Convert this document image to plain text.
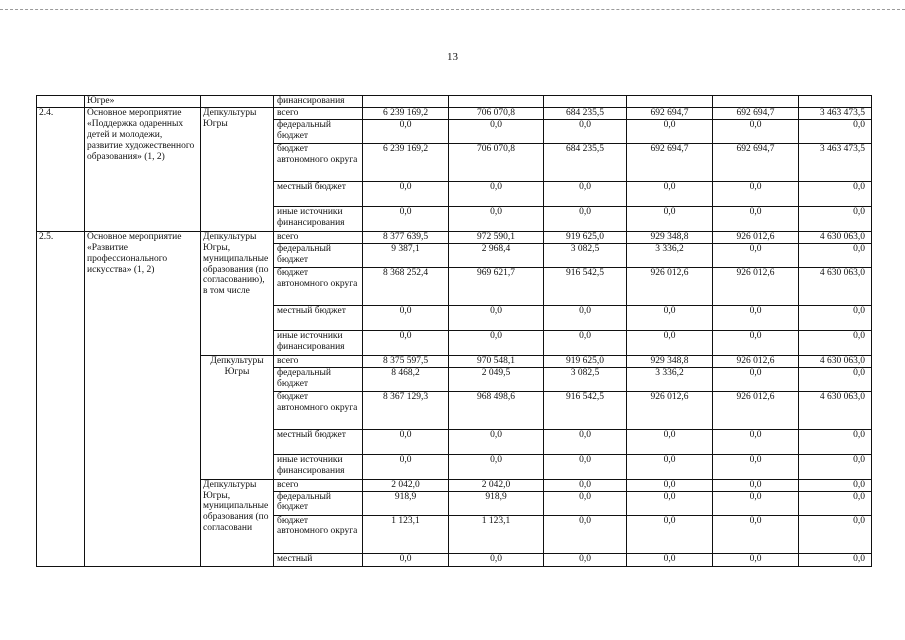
13
	Югре»		финансирования						
2.4.	Основное мероприятие «Поддержка одаренных детей и молодежи, развитие художественного образования» (1, 2)	Депкультуры Югры	всего	6 239 169,2	706 070,8	684 235,5	692 694,7	692 694,7	3 463 473,5
			федеральный бюджет	0,0	0,0	0,0	0,0	0,0	0,0
			бюджет автономного округа	6 239 169,2	706 070,8	684 235,5	692 694,7	692 694,7	3 463 473,5
			местный бюджет	0,0	0,0	0,0	0,0	0,0	0,0
			иные источники финансирования	0,0	0,0	0,0	0,0	0,0	0,0
2.5.	Основное мероприятие «Развитие профессионального искусства» (1, 2)	Депкультуры Югры, муниципальные образования (по согласованию), в том числе	всего	8 377 639,5	972 590,1	919 625,0	929 348,8	926 012,6	4 630 063,0
			федеральный бюджет	9 387,1	2 968,4	3 082,5	3 336,2	0,0	0,0
			бюджет автономного округа	8 368 252,4	969 621,7	916 542,5	926 012,6	926 012,6	4 630 063,0
			местный бюджет	0,0	0,0	0,0	0,0	0,0	0,0
			иные источники финансирования	0,0	0,0	0,0	0,0	0,0	0,0
		Депкультуры Югры	всего	8 375 597,5	970 548,1	919 625,0	929 348,8	926 012,6	4 630 063,0
			федеральный бюджет	8 468,2	2 049,5	3 082,5	3 336,2	0,0	0,0
			бюджет автономного округа	8 367 129,3	968 498,6	916 542,5	926 012,6	926 012,6	4 630 063,0
			местный бюджет	0,0	0,0	0,0	0,0	0,0	0,0
			иные источники финансирования	0,0	0,0	0,0	0,0	0,0	0,0
		Депкультуры Югры, муниципальные образования (по согласовани	всего	2 042,0	2 042,0	0,0	0,0	0,0	0,0
			федеральный бюджет	918,9	918,9	0,0	0,0	0,0	0,0
			бюджет автономного округа	1 123,1	1 123,1	0,0	0,0	0,0	0,0
			местный	0,0	0,0	0,0	0,0	0,0	0,0
